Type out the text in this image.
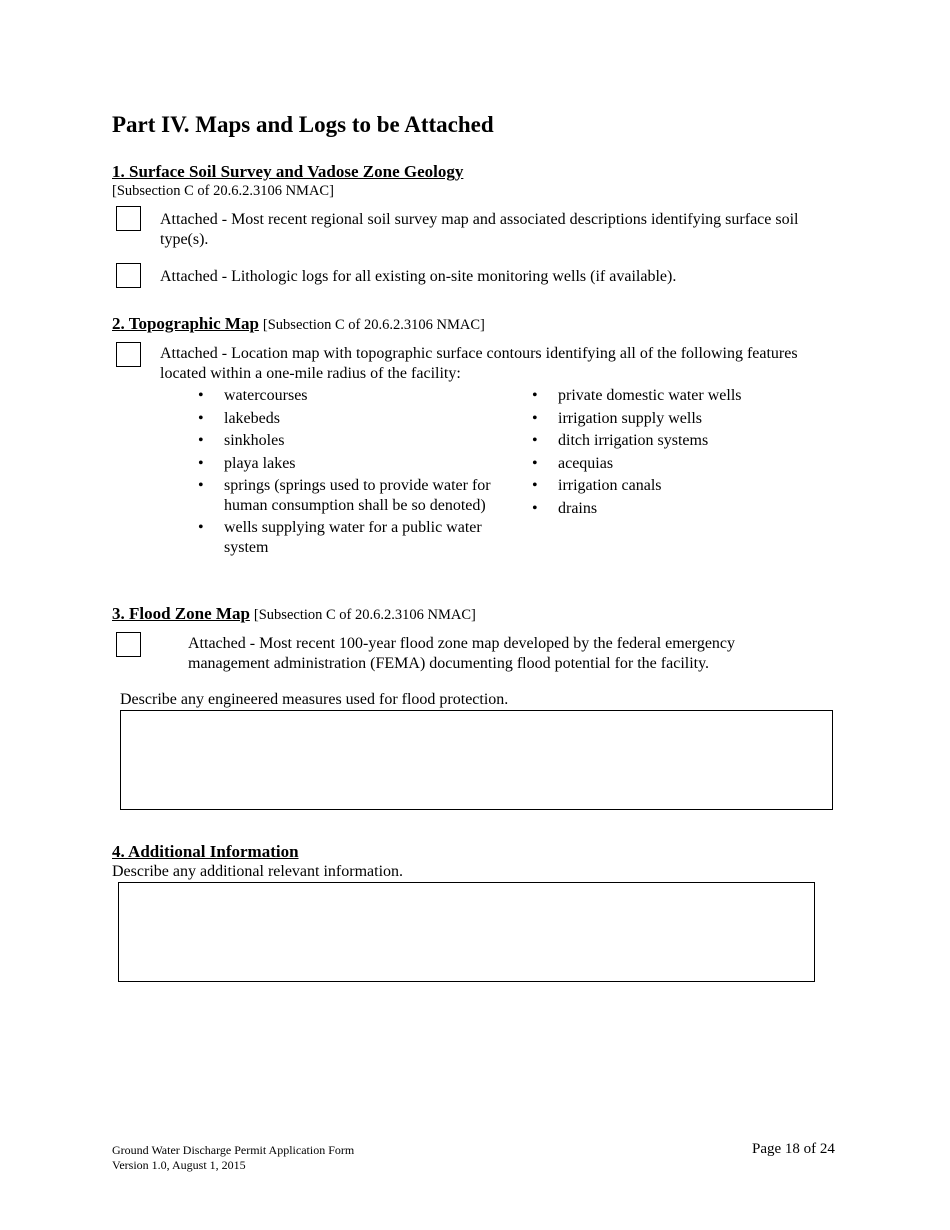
Part IV. Maps and Logs to be Attached
1. Surface Soil Survey and Vadose Zone Geology
[Subsection C of 20.6.2.3106 NMAC]
Attached - Most recent regional soil survey map and associated descriptions identifying surface soil type(s).
Attached - Lithologic logs for all existing on-site monitoring wells (if available).
2. Topographic Map [Subsection C of 20.6.2.3106 NMAC]
Attached - Location map with topographic surface contours identifying all of the following features located within a one-mile radius of the facility:
• watercourses
• lakebeds
• sinkholes
• playa lakes
• springs (springs used to provide water for human consumption shall be so denoted)
• wells supplying water for a public water system
• private domestic water wells
• irrigation supply wells
• ditch irrigation systems
• acequias
• irrigation canals
• drains
3. Flood Zone Map [Subsection C of 20.6.2.3106 NMAC]
Attached - Most recent 100-year flood zone map developed by the federal emergency management administration (FEMA) documenting flood potential for the facility.
Describe any engineered measures used for flood protection.
4. Additional Information
Describe any additional relevant information.
Ground Water Discharge Permit Application Form
Version 1.0, August 1, 2015
Page 18 of 24
